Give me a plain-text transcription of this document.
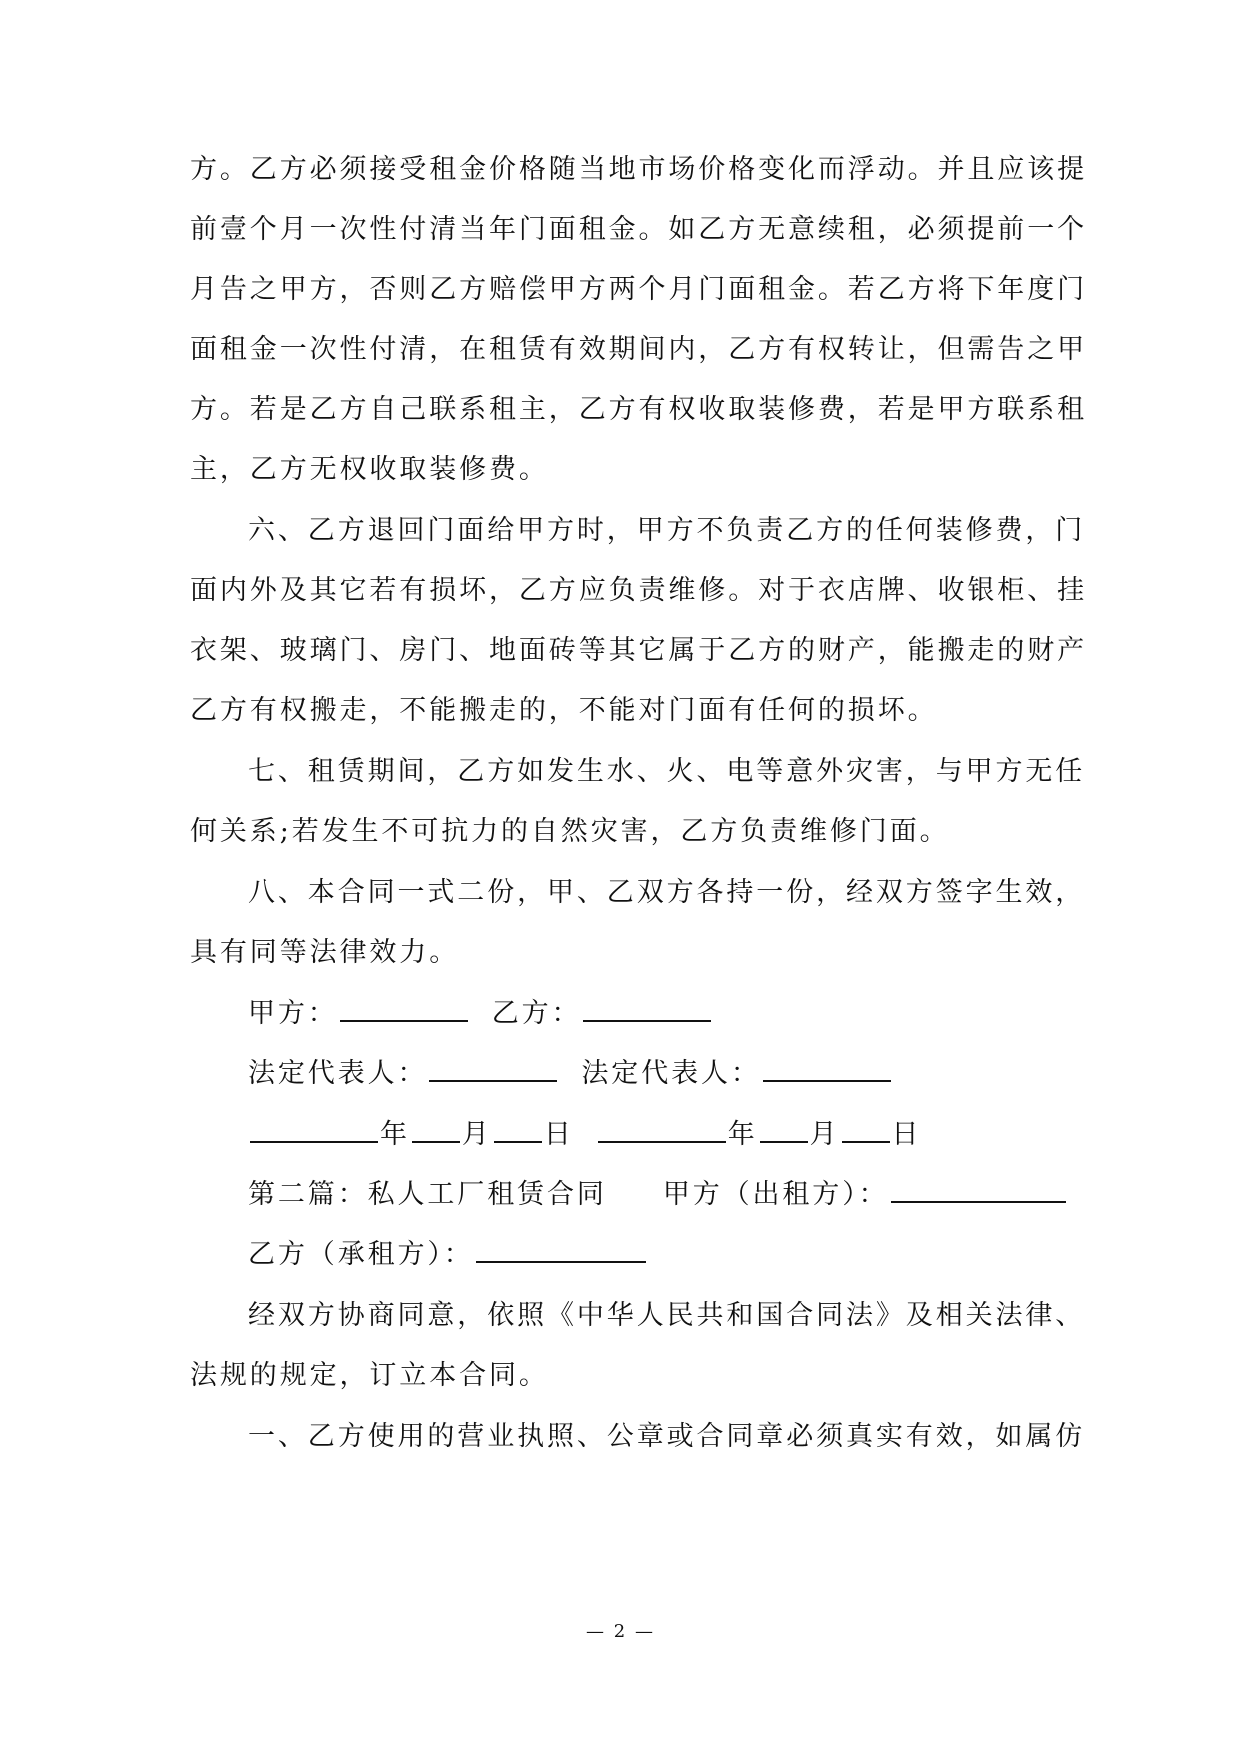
方。乙方必须接受租金价格随当地市场价格变化而浮动。并且应该提
前壹个月一次性付清当年门面租金。如乙方无意续租，必须提前一个
月告之甲方，否则乙方赔偿甲方两个月门面租金。若乙方将下年度门
面租金一次性付清，在租赁有效期间内，乙方有权转让，但需告之甲
方。若是乙方自己联系租主，乙方有权收取装修费，若是甲方联系租
主，乙方无权收取装修费。
六、乙方退回门面给甲方时，甲方不负责乙方的任何装修费，门
面内外及其它若有损坏，乙方应负责维修。对于衣店牌、收银柜、挂
衣架、玻璃门、房门、地面砖等其它属于乙方的财产，能搬走的财产
乙方有权搬走，不能搬走的，不能对门面有任何的损坏。
七、租赁期间，乙方如发生水、火、电等意外灾害，与甲方无任
何关系;若发生不可抗力的自然灾害，乙方负责维修门面。
八、本合同一式二份，甲、乙双方各持一份，经双方签字生效，
具有同等法律效力。
甲方：	乙方：
法定代表人：	法定代表人：
年 月 日	年 月 日
第二篇：私人工厂租赁合同 甲方（出租方）：
乙方（承租方）：
经双方协商同意，依照《中华人民共和国合同法》及相关法律、
法规的规定，订立本合同。
一、乙方使用的营业执照、公章或合同章必须真实有效，如属仿
— 2 —
